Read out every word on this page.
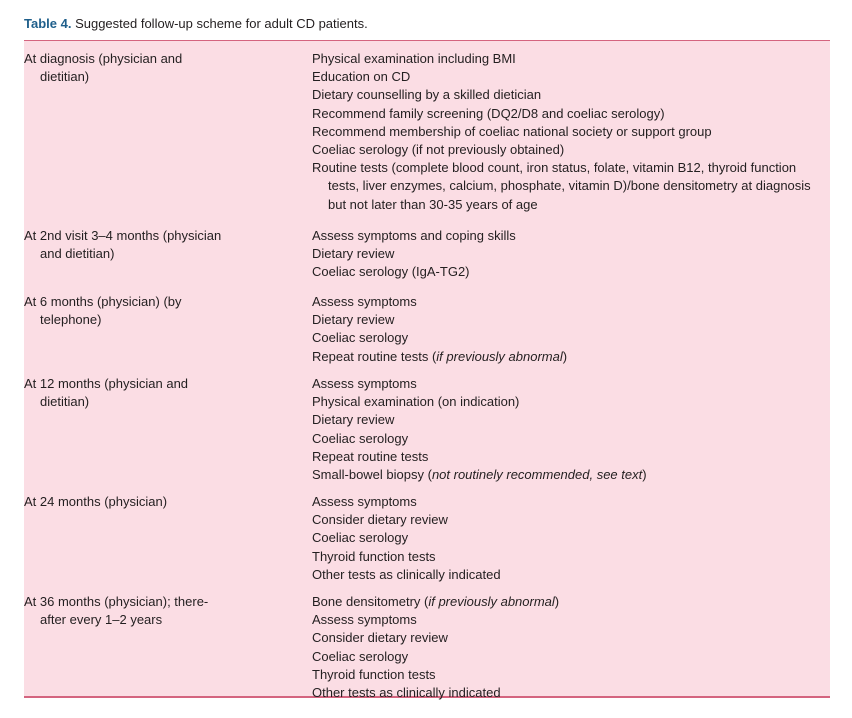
Table 4. Suggested follow-up scheme for adult CD patients.
At diagnosis (physician and
dietitian)
Physical examination including BMI
Education on CD
Dietary counselling by a skilled dietician
Recommend family screening (DQ2/D8 and coeliac serology)
Recommend membership of coeliac national society or support group
Coeliac serology (if not previously obtained)
Routine tests (complete blood count, iron status, folate, vitamin B12, thyroid function
tests, liver enzymes, calcium, phosphate, vitamin D)/bone densitometry at diagnosis
but not later than 30-35 years of age
At 2nd visit 3–4 months (physician
and dietitian)
Assess symptoms and coping skills
Dietary review
Coeliac serology (IgA-TG2)
At 6 months (physician) (by
telephone)
Assess symptoms
Dietary review
Coeliac serology
Repeat routine tests (if previously abnormal)
At 12 months (physician and
dietitian)
Assess symptoms
Physical examination (on indication)
Dietary review
Coeliac serology
Repeat routine tests
Small-bowel biopsy (not routinely recommended, see text)
At 24 months (physician)	Assess symptoms
Consider dietary review
Coeliac serology
Thyroid function tests
Other tests as clinically indicated
At 36 months (physician); there-
after every 1–2 years
Bone densitometry (if previously abnormal)
Assess symptoms
Consider dietary review
Coeliac serology
Thyroid function tests
Other tests as clinically indicated
